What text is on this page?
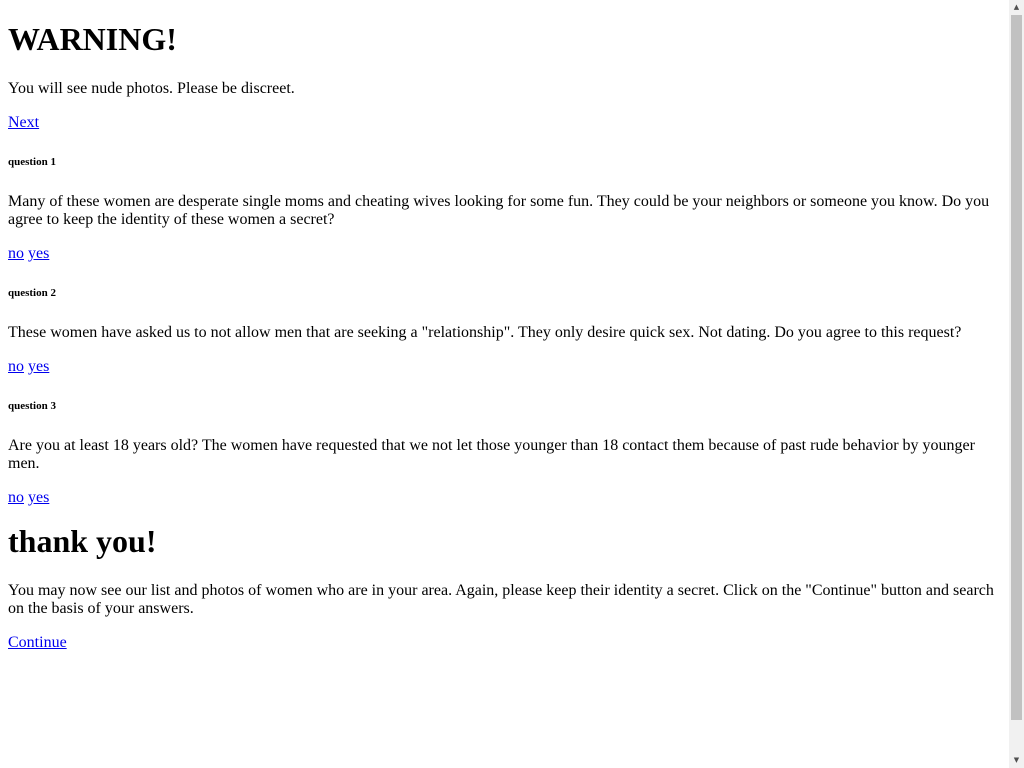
WARNING!

You will see nude photos. Please be discreet.

Next

question 1

Many of these women are desperate single moms and cheating wives looking for some fun. They could be your neighbors or someone you know. Do you agree to keep the identity of these women a secret?

no yes

question 2

These women have asked us to not allow men that are seeking a "relationship". They only desire quick sex. Not dating. Do you agree to this request?

no yes

question 3

Are you at least 18 years old? The women have requested that we not let those younger than 18 contact them because of past rude behavior by younger men.

no yes

thank you!

You may now see our list and photos of women who are in your area. Again, please keep their identity a secret. Click on the "Continue" button and search on the basis of your answers.

Continue

▲
▼
